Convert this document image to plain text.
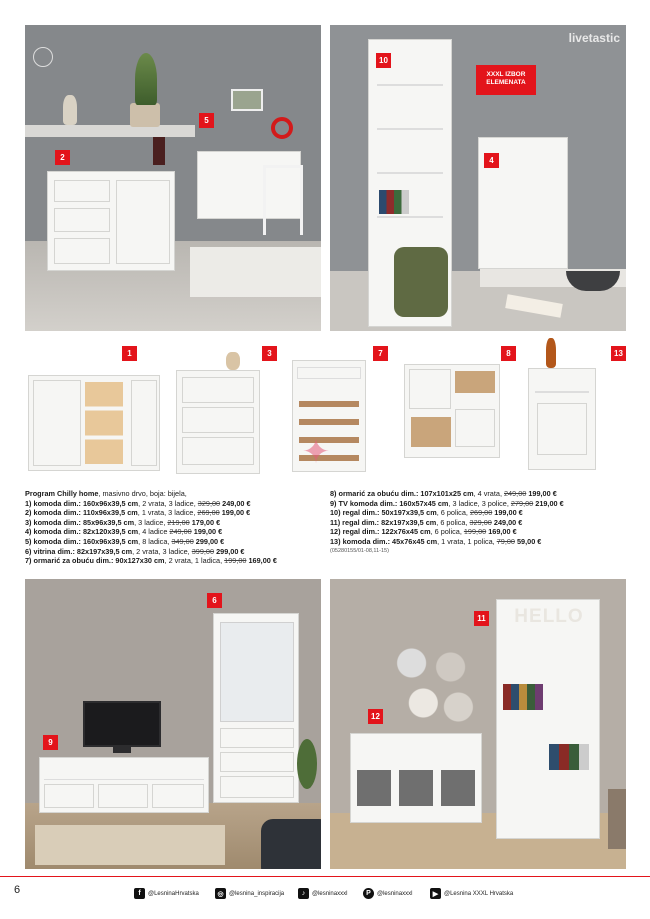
2
5
livetastic
XXXL IZBOR
ELEMENATA
10
4
1	3	7
✦
8	13
Program Chilly home, masivno drvo, boja: bijela,
1) komoda dim.: 160x96x39,5 cm, 2 vrata, 3 ladice, 329,00 249,00 €
2) komoda dim.: 110x96x39,5 cm, 1 vrata, 3 ladice, 269,00 199,00 €
3) komoda dim.: 85x96x39,5 cm, 3 ladice, 219,00 179,00 €
4) komoda dim.: 82x120x39,5 cm, 4 ladice 249,00 199,00 €
5) komoda dim.: 160x96x39,5 cm, 8 ladica, 349,00 299,00 €
6) vitrina dim.: 82x197x39,5 cm, 2 vrata, 3 ladice, 399,00 299,00 €
7) ormarić za obuću dim.: 90x127x30 cm, 2 vrata, 1 ladica, 199,00 169,00 €
8) ormarić za obuću dim.: 107x101x25 cm, 4 vrata, 249,00 199,00 €
9) TV komoda dim.: 160x57x45 cm, 3 ladice, 3 police, 279,00 219,00 €
10) regal dim.: 50x197x39,5 cm, 6 polica, 269,00 199,00 €
11) regal dim.: 82x197x39,5 cm, 6 polica, 329,00 249,00 €
12) regal dim.: 122x76x45 cm, 6 polica, 199,00 169,00 €
13) komoda dim.: 45x76x45 cm, 1 vrata, 1 polica, 79,00 59,00 €
(05280155/01-08,11-15)
6
9
HELLO
11
12
6	f	@LesninaHrvatska	◎ @lesnina_inspiracija	♪	@lesninaxxxl	P	@lesninaxxxl	▶ @Lesnina XXXL Hrvatska
